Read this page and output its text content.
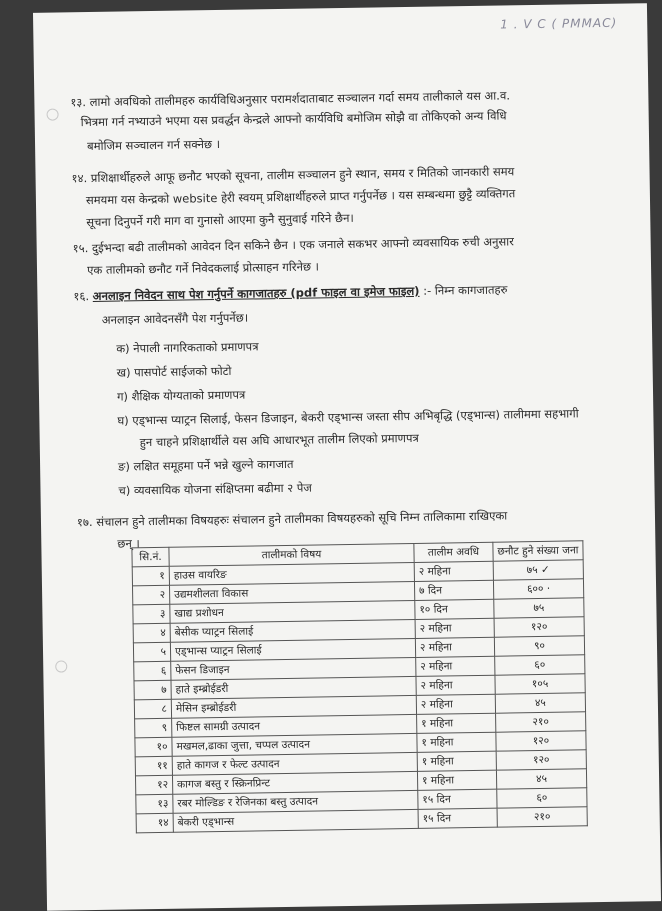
1 . V C ( PMMAC)
१३. लामो अवधिको तालीमहरु कार्यविधिअनुसार परामर्शदाताबाट सञ्चालन गर्दा समय तालीकाले यस आ.व.
भित्रमा गर्न नभ्याउने भएमा यस प्रवर्द्धन केन्द्रले आफ्नो कार्यविधि बमोजिम सोझै वा तोकिएको अन्य विधि
बमोजिम सञ्चालन गर्न सक्नेछ ।
१४. प्रशिक्षार्थीहरुले आफू छनौट भएको सूचना, तालीम सञ्चालन हुने स्थान, समय र मितिको जानकारी समय
समयमा यस केन्द्रको website हेरी स्वयम् प्रशिक्षार्थीहरुले प्राप्त गर्नुपर्नेछ । यस सम्बन्धमा छुट्टै व्यक्तिगत
सूचना दिनुपर्ने गरी माग वा गुनासो आएमा कुनै सुनुवाई गरिने छैन।
१५. दुईभन्दा बढी तालीमको आवेदन दिन सकिने छैन । एक जनाले सकभर आफ्नो व्यवसायिक रुची अनुसार
एक तालीमको छनौट गर्ने निवेदकलाई प्रोत्साहन गरिनेछ ।
१६. अनलाइन निवेदन साथ पेश गर्नुपर्ने कागजातहरु (pdf फाइल वा इमेज फाइल) :- निम्न कागजातहरु
अनलाइन आवेदनसँगै पेश गर्नुपर्नेछ।
क) नेपाली नागरिकताको प्रमाणपत्र
ख) पासपोर्ट साईजको फोटो
ग) शैक्षिक योग्यताको प्रमाणपत्र
घ) एड्भान्स प्याट्रन सिलाई, फेसन डिजाइन, बेकरी एड्भान्स जस्ता सीप अभिबृद्धि (एड्भान्स) तालीममा सहभागी
हुन चाहने प्रशिक्षार्थीले यस अघि आधारभूत तालीम लिएको प्रमाणपत्र
ङ) लक्षित समूहमा पर्ने भन्ने खुल्ने कागजात
च) व्यवसायिक योजना संक्षिप्तमा बढीमा २ पेज
१७. संचालन हुने तालीमका विषयहरुः संचालन हुने तालीमका विषयहरुको सूचि निम्न तालिकामा राखिएका
छन् ।
सि.नं.	तालीमको विषय	तालीम अवधि	छनौट हुने संख्या जना
१	हाउस वायरिङ	२ महिना	७५ ✓
२	उद्यमशीलता विकास	७ दिन	६०० ·
३	खाद्य प्रशोधन	१० दिन	७५
४	बेसीक प्याट्रन सिलाई	२ महिना	१२०
५	एड्भान्स प्याट्रन सिलाई	२ महिना	९०
६	फेसन डिजाइन	२ महिना	६०
७	हाते इम्ब्रोईडरी	२ महिना	१०५
८	मेसिन इम्ब्रोईडरी	२ महिना	४५
९	फिष्टल सामग्री उत्पादन	१ महिना	२१०
१०	मखमल,ढाका जुत्ता, चप्पल उत्पादन	१ महिना	१२०
११	हाते कागज र फेल्ट उत्पादन	१ महिना	१२०
१२	कागज बस्तु र स्क्रिनप्रिन्ट	१ महिना	४५
१३	रबर मोल्डिङ र रेजिनका बस्तु उत्पादन	१५ दिन	६०
१४	बेकरी एड्भान्स	१५ दिन	२१०
